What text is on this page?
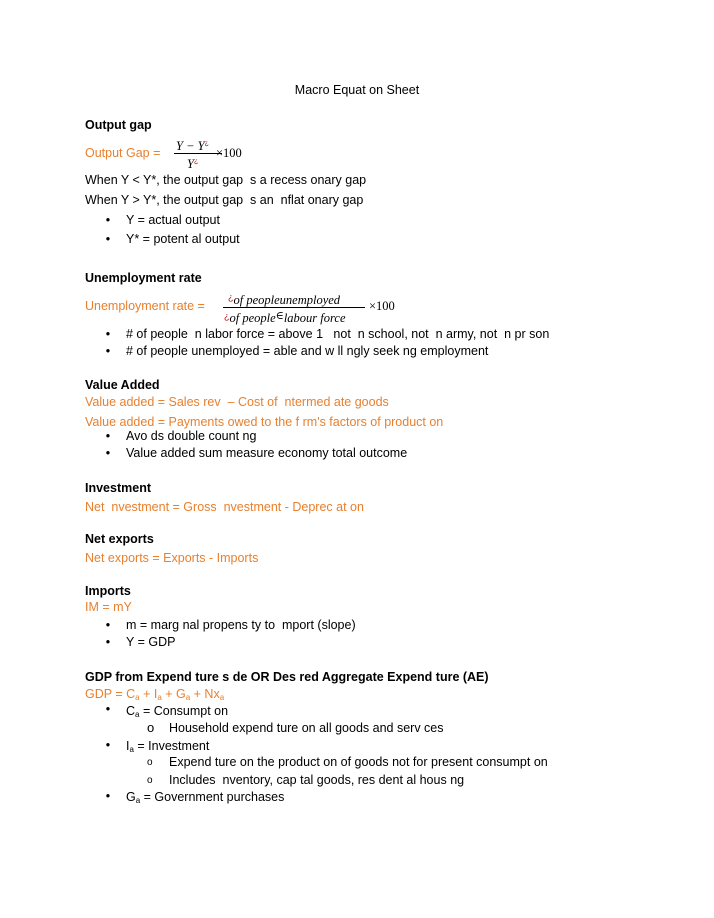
Macro Equat on Sheet
Output gap
Output Gap = Y − Y¿
Y¿
×100
When Y < Y*, the output gap  s a recess onary gap
When Y > Y*, the output gap  s an  nflat onary gap
• Y = actual output
• Y* = potent al output
Unemployment rate
Unemployment rate =
¿of peopleunemployed
¿of people∈labour force
×100
• # of people  n labor force = above 1   not  n school, not  n army, not  n pr son
• # of people unemployed = able and w ll ngly seek ng employment
Value Added
Value added = Sales rev  – Cost of  ntermed ate goods
Value added = Payments owed to the f rm's factors of product on
• Avo ds double count ng
• Value added sum measure economy total outcome
Investment
Net  nvestment = Gross  nvestment - Deprec at on
Net exports
Net exports = Exports - Imports
Imports
IM = mY
• m = marg nal propens ty to  mport (slope)
• Y = GDP
GDP from Expend ture s de OR Des red Aggregate Expend ture (AE)
GDP = $C_a + I_a + G_a + Nx_a$
• $C_a$ = Consumpt on
o Household expend ture on all goods and serv ces
• $I_a$ = Investment
o Expend ture on the product on of goods not for present consumpt on
o Includes  nventory, cap tal goods, res dent al hous ng
• $G_a$ = Government purchases
